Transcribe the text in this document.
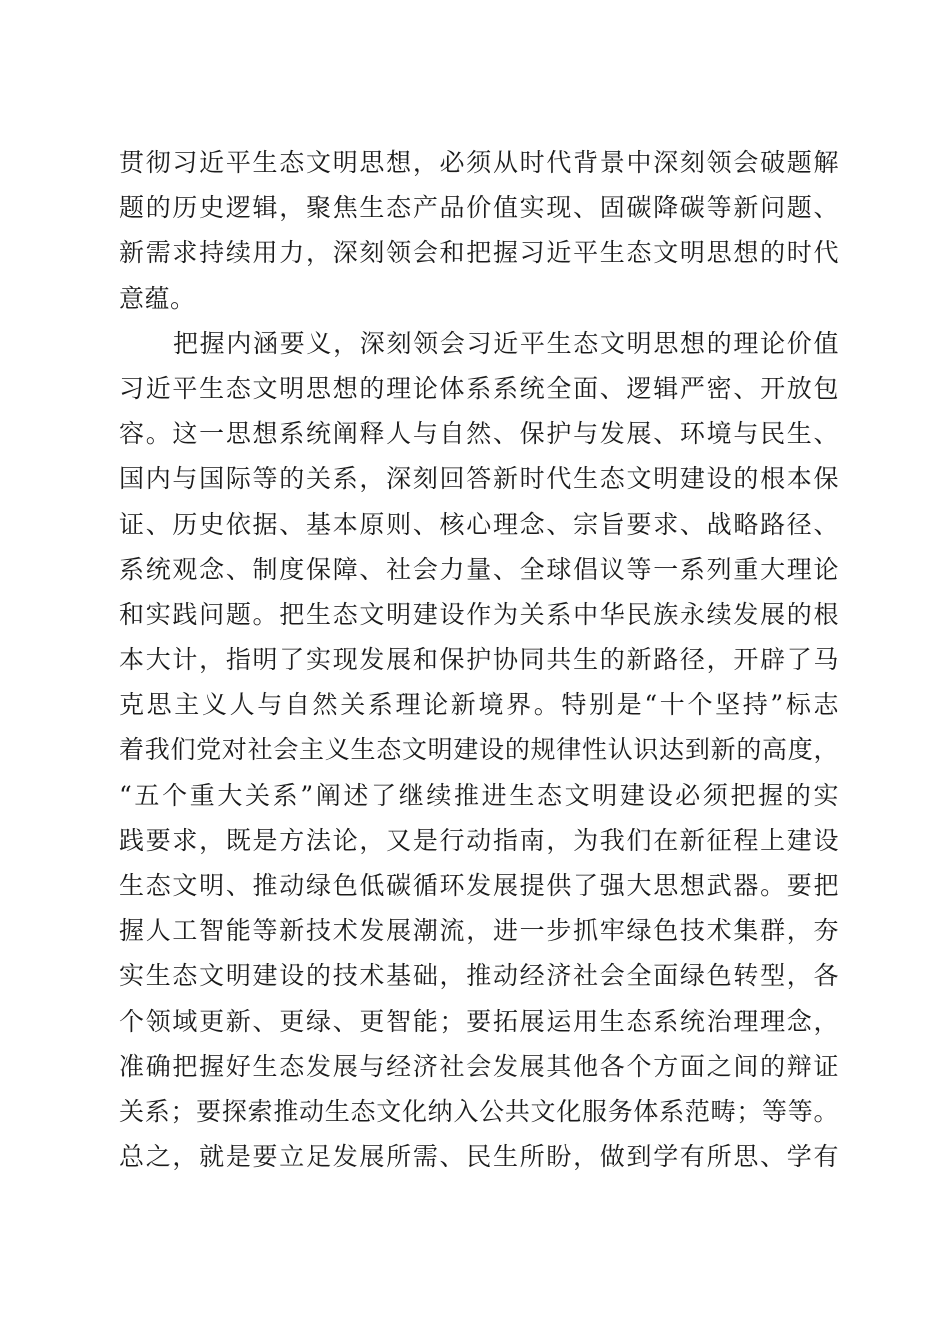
贯彻习近平生态文明思想，必须从时代背景中深刻领会破题解
题的历史逻辑，聚焦生态产品价值实现、固碳降碳等新问题、
新需求持续用力，深刻领会和把握习近平生态文明思想的时代
意蕴。
把握内涵要义，深刻领会习近平生态文明思想的理论价值
习近平生态文明思想的理论体系系统全面、逻辑严密、开放包
容。这一思想系统阐释人与自然、保护与发展、环境与民生、
国内与国际等的关系，深刻回答新时代生态文明建设的根本保
证、历史依据、基本原则、核心理念、宗旨要求、战略路径、
系统观念、制度保障、社会力量、全球倡议等一系列重大理论
和实践问题。把生态文明建设作为关系中华民族永续发展的根
本大计，指明了实现发展和保护协同共生的新路径，开辟了马
克思主义人与自然关系理论新境界。特别是“十个坚持”标志
着我们党对社会主义生态文明建设的规律性认识达到新的高度，
“五个重大关系”阐述了继续推进生态文明建设必须把握的实
践要求，既是方法论，又是行动指南，为我们在新征程上建设
生态文明、推动绿色低碳循环发展提供了强大思想武器。要把
握人工智能等新技术发展潮流，进一步抓牢绿色技术集群，夯
实生态文明建设的技术基础，推动经济社会全面绿色转型，各
个领域更新、更绿、更智能；要拓展运用生态系统治理理念，
准确把握好生态发展与经济社会发展其他各个方面之间的辩证
关系；要探索推动生态文化纳入公共文化服务体系范畴；等等。
总之，就是要立足发展所需、民生所盼，做到学有所思、学有
